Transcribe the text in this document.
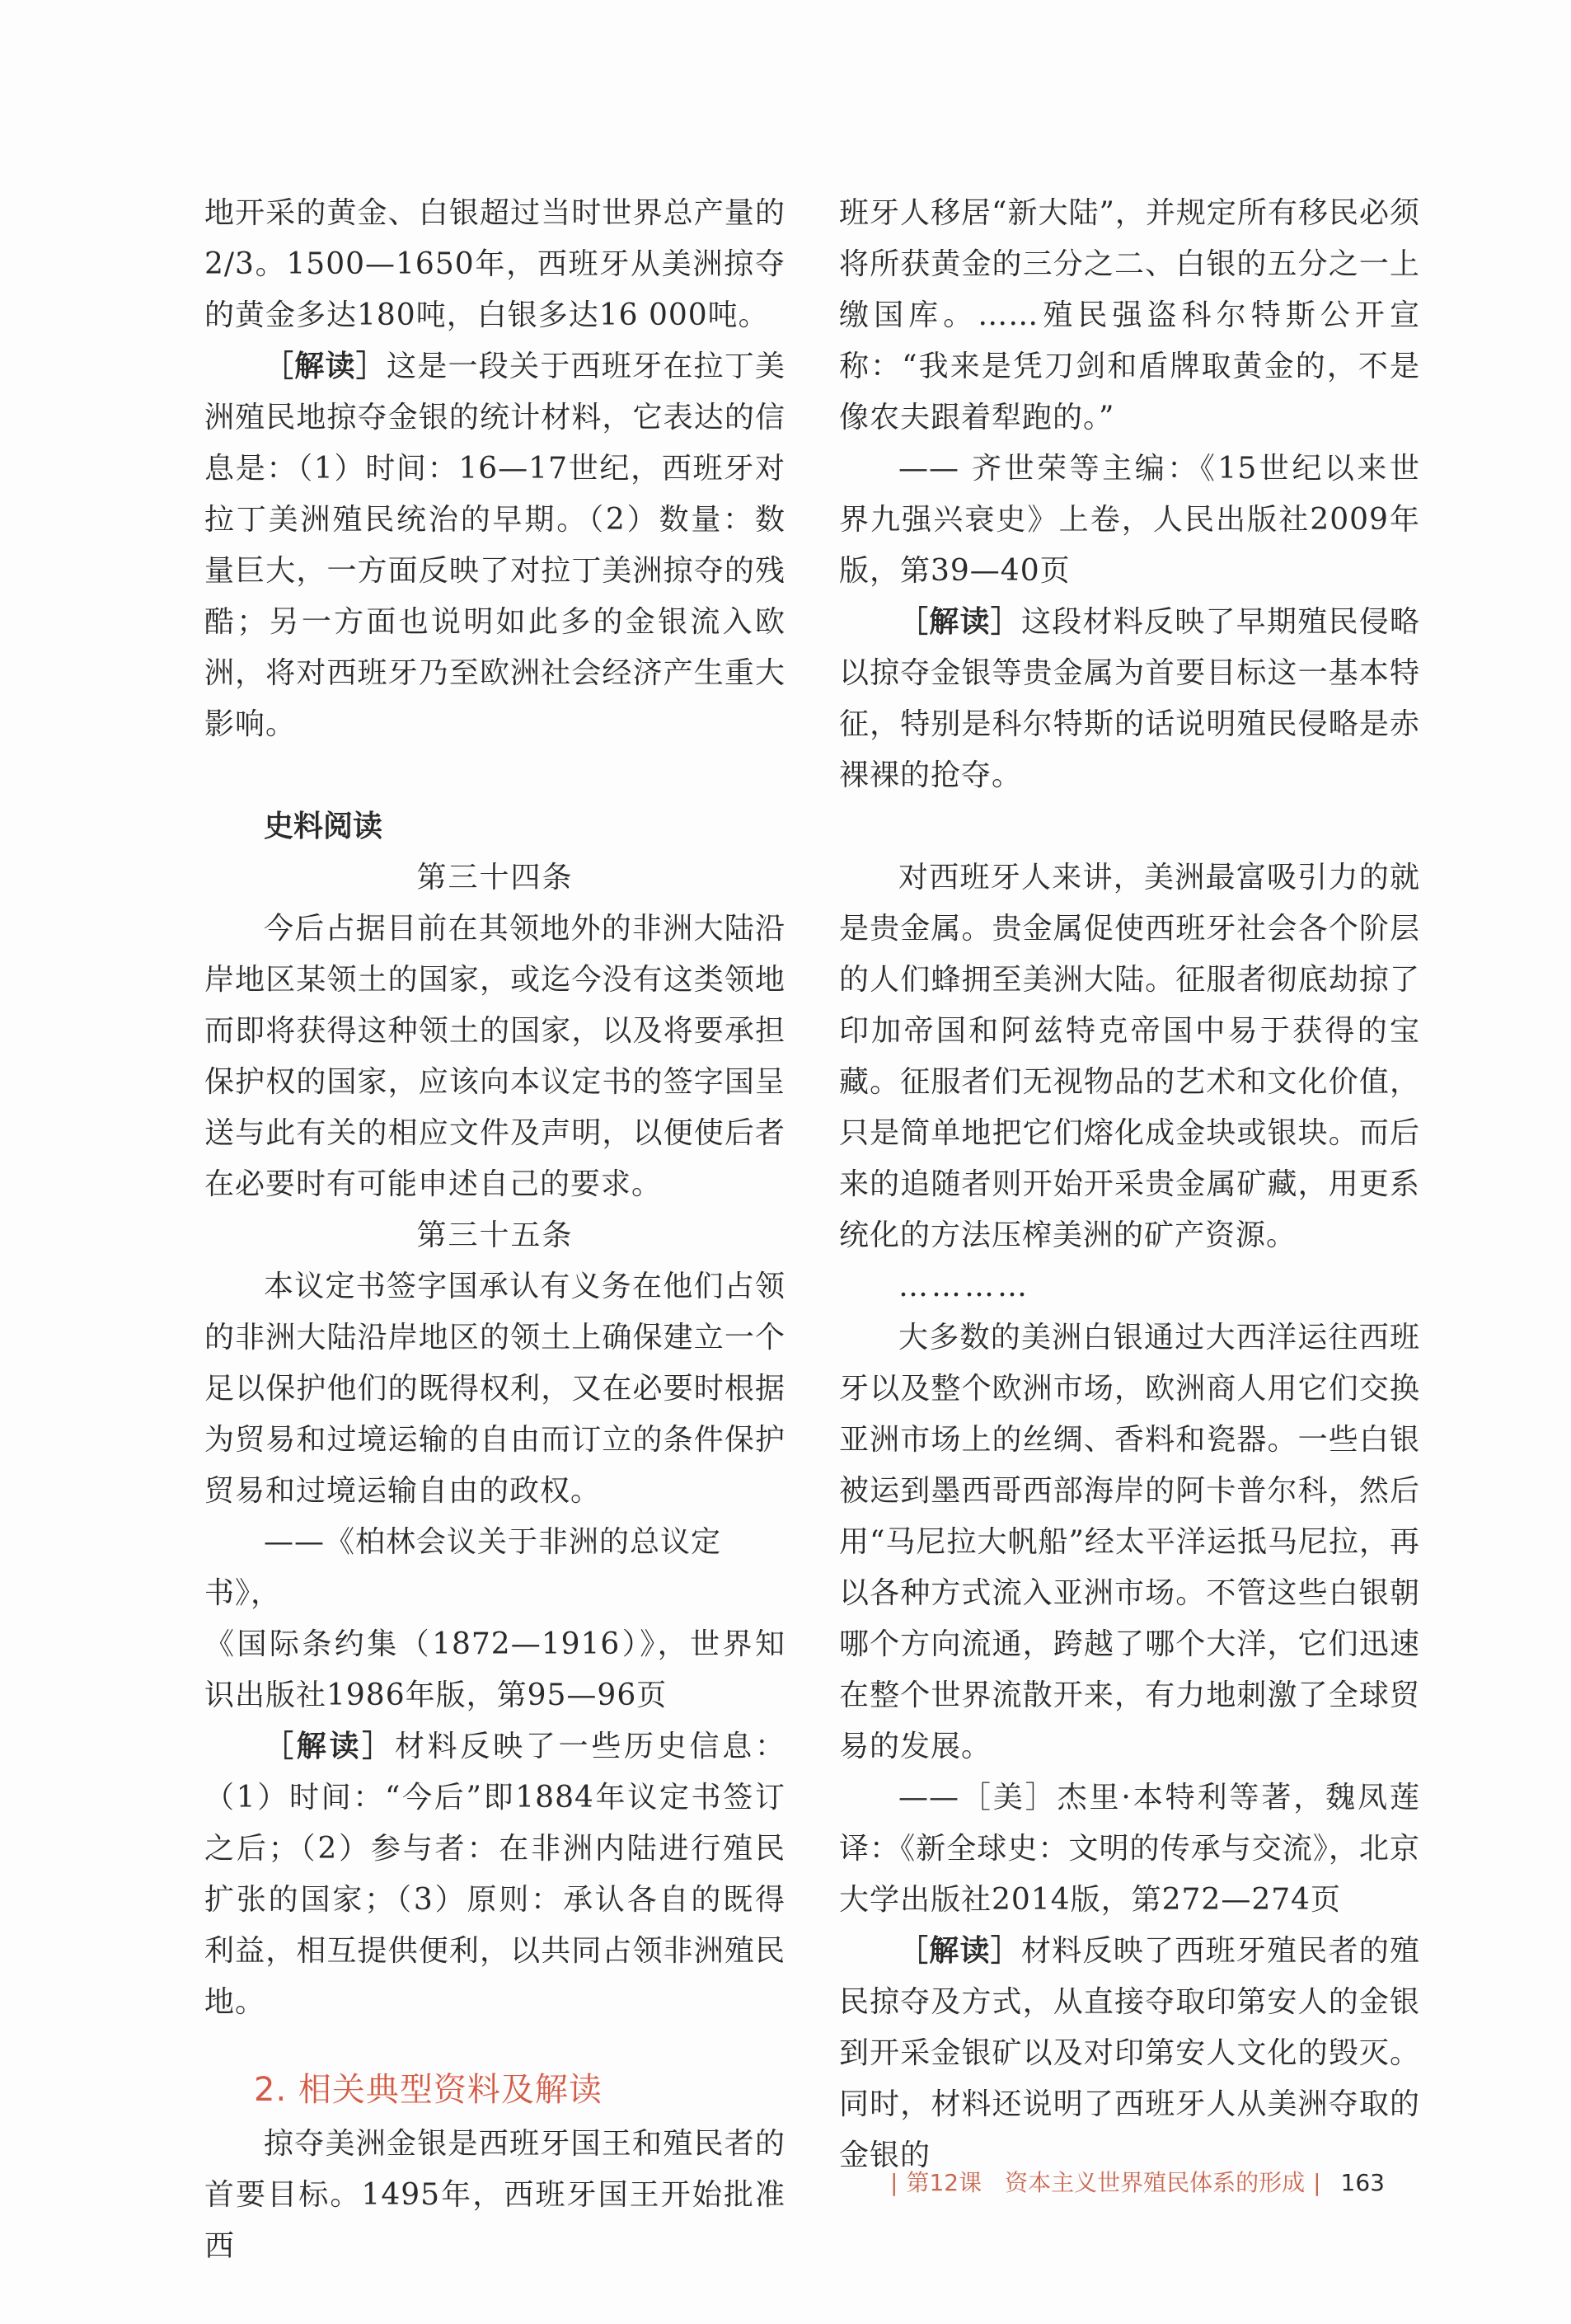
地开采的黄金、白银超过当时世界总产量的2/3。1500—1650年，西班牙从美洲掠夺的黄金多达180吨，白银多达16 000吨。

［解读］这是一段关于西班牙在拉丁美洲殖民地掠夺金银的统计材料，它表达的信息是：（1）时间：16—17世纪，西班牙对拉丁美洲殖民统治的早期。（2）数量：数量巨大，一方面反映了对拉丁美洲掠夺的残酷；另一方面也说明如此多的金银流入欧洲，将对西班牙乃至欧洲社会经济产生重大影响。

史料阅读
第三十四条

今后占据目前在其领地外的非洲大陆沿岸地区某领土的国家，或迄今没有这类领地而即将获得这种领土的国家，以及将要承担保护权的国家，应该向本议定书的签字国呈送与此有关的相应文件及声明，以便使后者在必要时有可能申述自己的要求。

第三十五条

本议定书签字国承认有义务在他们占领的非洲大陆沿岸地区的领土上确保建立一个足以保护他们的既得权利，又在必要时根据为贸易和过境运输的自由而订立的条件保护贸易和过境运输自由的政权。

——《柏林会议关于非洲的总议定书》，

《国际条约集（1872—1916）》，世界知识出版社1986年版，第95—96页

［解读］材料反映了一些历史信息：（1）时间：“今后”即1884年议定书签订之后；（2）参与者：在非洲内陆进行殖民扩张的国家；（3）原则：承认各自的既得利益，相互提供便利，以共同占领非洲殖民地。

2. 相关典型资料及解读

掠夺美洲金银是西班牙国王和殖民者的首要目标。1495年，西班牙国王开始批准西

班牙人移居“新大陆”，并规定所有移民必须将所获黄金的三分之二、白银的五分之一上缴国库。……殖民强盗科尔特斯公开宣称：“我来是凭刀剑和盾牌取黄金的，不是像农夫跟着犁跑的。”

—— 齐世荣等主编：《15世纪以来世界九强兴衰史》上卷，人民出版社2009年版，第39—40页

［解读］这段材料反映了早期殖民侵略以掠夺金银等贵金属为首要目标这一基本特征，特别是科尔特斯的话说明殖民侵略是赤裸裸的抢夺。

对西班牙人来讲，美洲最富吸引力的就是贵金属。贵金属促使西班牙社会各个阶层的人们蜂拥至美洲大陆。征服者彻底劫掠了印加帝国和阿兹特克帝国中易于获得的宝藏。征服者们无视物品的艺术和文化价值，只是简单地把它们熔化成金块或银块。而后来的追随者则开始开采贵金属矿藏，用更系统化的方法压榨美洲的矿产资源。

…………

大多数的美洲白银通过大西洋运往西班牙以及整个欧洲市场，欧洲商人用它们交换亚洲市场上的丝绸、香料和瓷器。一些白银被运到墨西哥西部海岸的阿卡普尔科，然后用“马尼拉大帆船”经太平洋运抵马尼拉，再以各种方式流入亚洲市场。不管这些白银朝哪个方向流通，跨越了哪个大洋，它们迅速在整个世界流散开来，有力地刺激了全球贸易的发展。

——［美］杰里·本特利等著，魏凤莲译：《新全球史：文明的传承与交流》，北京大学出版社2014版，第272—274页

［解读］材料反映了西班牙殖民者的殖民掠夺及方式，从直接夺取印第安人的金银到开采金银矿以及对印第安人文化的毁灭。同时，材料还说明了西班牙人从美洲夺取的金银的

| 第12课　资本主义世界殖民体系的形成 | 163
